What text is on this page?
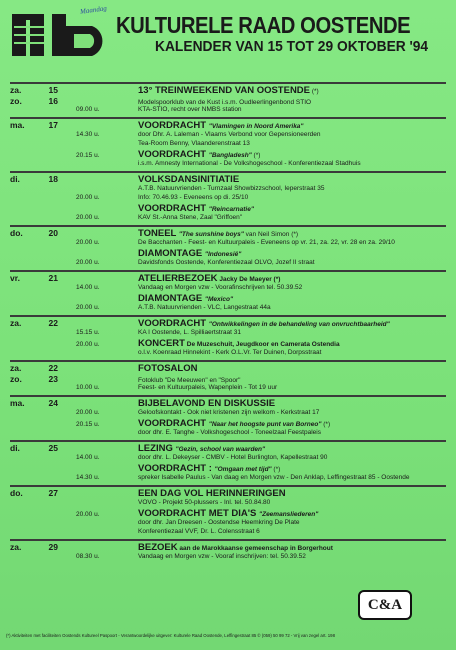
KULTURELE RAAD OOSTENDE
KALENDER VAN 15 TOT 29 OKTOBER '94
za.	15	13° TREINWEEKEND VAN OOSTENDE (*)
zo.	16	Modelspoorklub van de Kust i.s.m. Oudleerlingenbond STIO
09.00 u.	KTA-STIO, recht over NMBS station
ma.	17	VOORDRACHT "Vlamingen in Noord Amerika"
14.30 u.	door Dhr. A. Laleman - Vlaams Verbond voor Gepensioneerden
Tea-Room Benny, Vlaanderenstraat 13
20.15 u.	VOORDRACHT "Bangladesh" (*)
i.s.m. Amnesty International - De Volkshogeschool - Konferentiezaal Stadhuis
di.	18	VOLKSDANSINITIATIE
A.T.B. Natuurvrienden - Turnzaal Showbizzschool, Ieperstraat 35
20.00 u.	Info: 70.46.93 - Eveneens op di. 25/10
VOORDRACHT "Reincarnatie"
20.00 u.	KAV St.-Anna Stene, Zaal "Griffoen"
do.	20	TONEEL "The sunshine boys" van Neil Simon (*)
20.00 u.	De Bacchanten - Feest- en Kultuurpaleis - Eveneens op vr. 21, za. 22, vr. 28 en za. 29/10
DIAMONTAGE "Indonesië"
20.00 u.	Davidsfonds Oostende, Konferentiezaal OLVO, Jozef II straat
vr.	21	ATELIERBEZOEK Jacky De Maeyer (*)
14.00 u.	Vandaag en Morgen vzw - Voorafinschrijven tel. 50.39.52
DIAMONTAGE "Mexico"
20.00 u.	A.T.B. Natuurvrienden - VLC, Langestraat 44a
za.	22	VOORDRACHT "Ontwikkelingen in de behandeling van onvruchtbaarheid"
15.15 u.	KA I Oostende, L. Spilliaertstraat 31
20.00 u.	KONCERT De Muzeschuit, Jeugdkoor en Camerata Ostendia
o.l.v. Koenraad Hinnekint - Kerk O.L.Vr. Ter Duinen, Dorpsstraat
za.	22	FOTOSALON
zo.	23	Fotoklub "De Meeuwen" en "Spoor"
10.00 u.	Feest- en Kultuurpaleis, Wapenplein - Tot 19 uur
ma.	24	BIJBELAVOND EN DISKUSSIE
20.00 u.	Geloofskontakt - Ook niet kristenen zijn welkom - Kerkstraat 17
20.15 u.	VOORDRACHT "Naar het hoogste punt van Borneo" (*)
door dhr. E. Tanghe - Volkshogeschool - Toneelzaal Feestpaleis
di.	25	LEZING "Gezin, school van waarden"
14.00 u.	door dhr. L. Dekeyser - CMBV - Hotel Burlington, Kapellestraat 90
VOORDRACHT : "Omgaan met tijd" (*)
14.30 u.	spreker Isabelle Paulus - Van daag en Morgen vzw - Den Anklap, Leffingestraat 85 - Oostende
do.	27	EEN DAG VOL HERINNERINGEN
VOVO - Projekt 50-plussers - Inl. tel. 50.84.80
20.00 u.	VOORDRACHT MET DIA'S "Zeemansliederen"
door dhr. Jan Dreesen - Oostendse Heemkring De Plate
Konferentiezaal VVF, Dr. L. Colensstraat 6
za.	29	BEZOEK aan de Marokkaanse gemeenschap in Borgerhout
08.30 u.	Vandaag en Morgen vzw - Vooraf inschrijven: tel. 50.39.52
Maandag
C&A
(*) Aktiviteiten met faciliteiten Oostends Kultureel Paspoort - Verantwoordelijke uitgever: Kulturele Raad Oostende, Leffingestraat 85 © (059) 50 99 72 - Vrij van zegel art. 198
